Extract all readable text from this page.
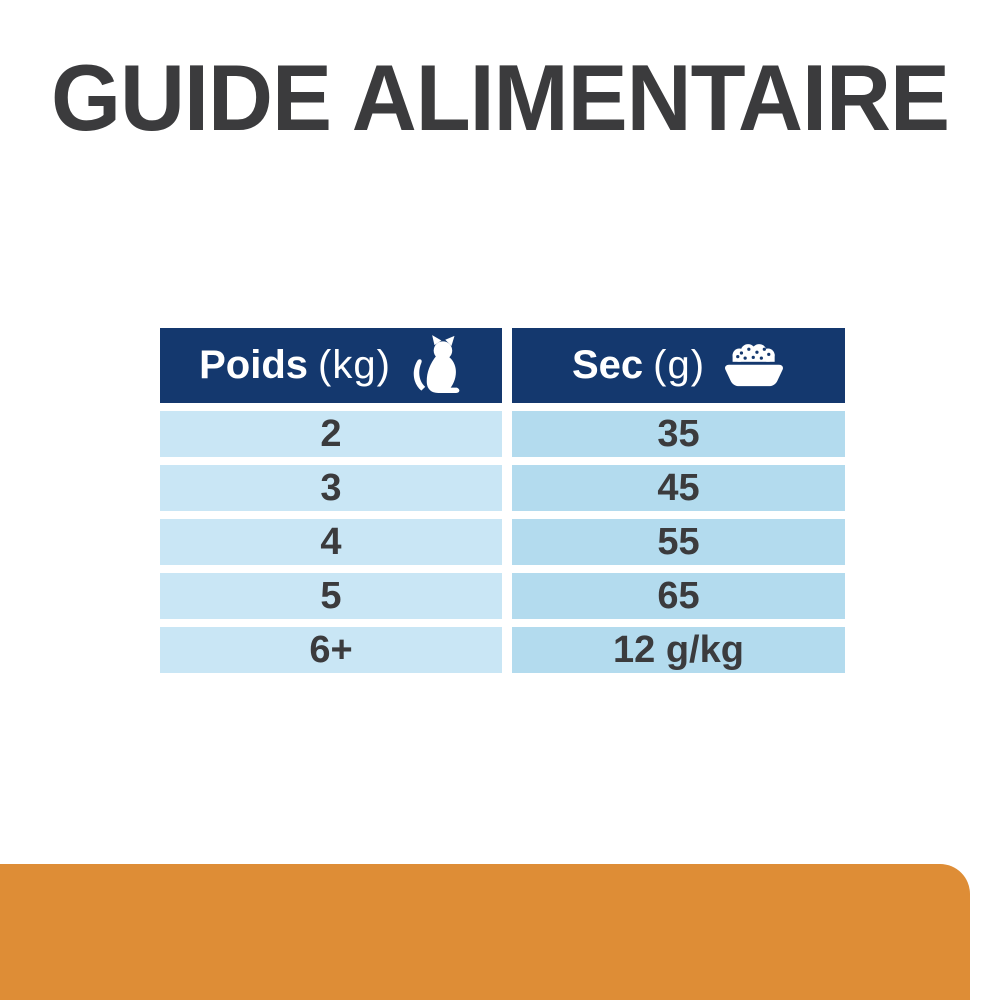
GUIDE ALIMENTAIRE
Poids (kg)	Sec (g)
2	35
3	45
4	55
5	65
6+	12 g/kg
